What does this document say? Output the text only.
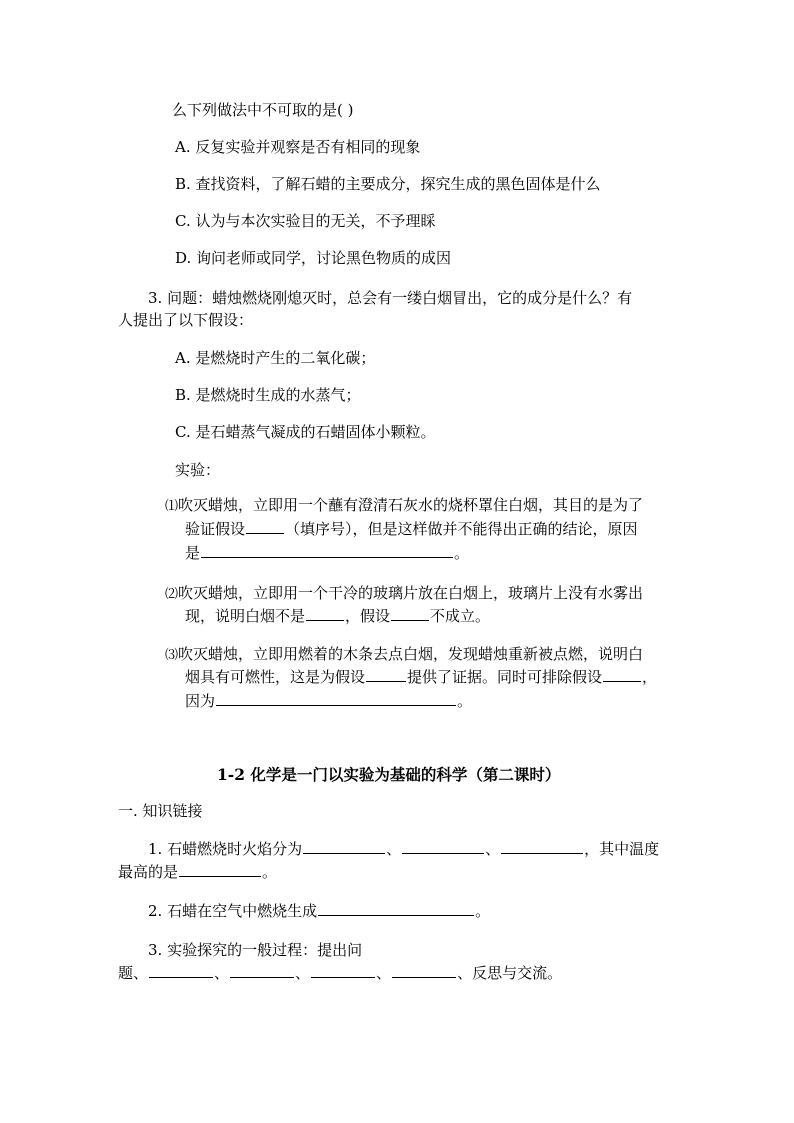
么下列做法中不可取的是( )
A. 反复实验并观察是否有相同的现象
B. 查找资料，了解石蜡的主要成分，探究生成的黑色固体是什么
C. 认为与本次实验目的无关，不予理睬
D. 询问老师或同学，讨论黑色物质的成因
3. 问题：蜡烛燃烧刚熄灭时，总会有一缕白烟冒出，它的成分是什么？有
人提出了以下假设：
A. 是燃烧时产生的二氧化碳；
B. 是燃烧时生成的水蒸气；
C. 是石蜡蒸气凝成的石蜡固体小颗粒。
实验：
⑴吹灭蜡烛，立即用一个蘸有澄清石灰水的烧杯罩住白烟，其目的是为了
验证假设	（填序号），但是这样做并不能得出正确的结论，原因
是	。
⑵吹灭蜡烛，立即用一个干冷的玻璃片放在白烟上，玻璃片上没有水雾出
现，说明白烟不是	，假设	不成立。
⑶吹灭蜡烛，立即用燃着的木条去点白烟，发现蜡烛重新被点燃，说明白
烟具有可燃性，这是为假设	提供了证据。同时可排除假设	，
因为	。
1-2 化学是一门以实验为基础的科学（第二课时）
一. 知识链接
1. 石蜡燃烧时火焰分为	、	、	，其中温度
最高的是	。
2. 石蜡在空气中燃烧生成	。
3. 实验探究的一般过程：提出问
题、	、	、	、	、反思与交流。
